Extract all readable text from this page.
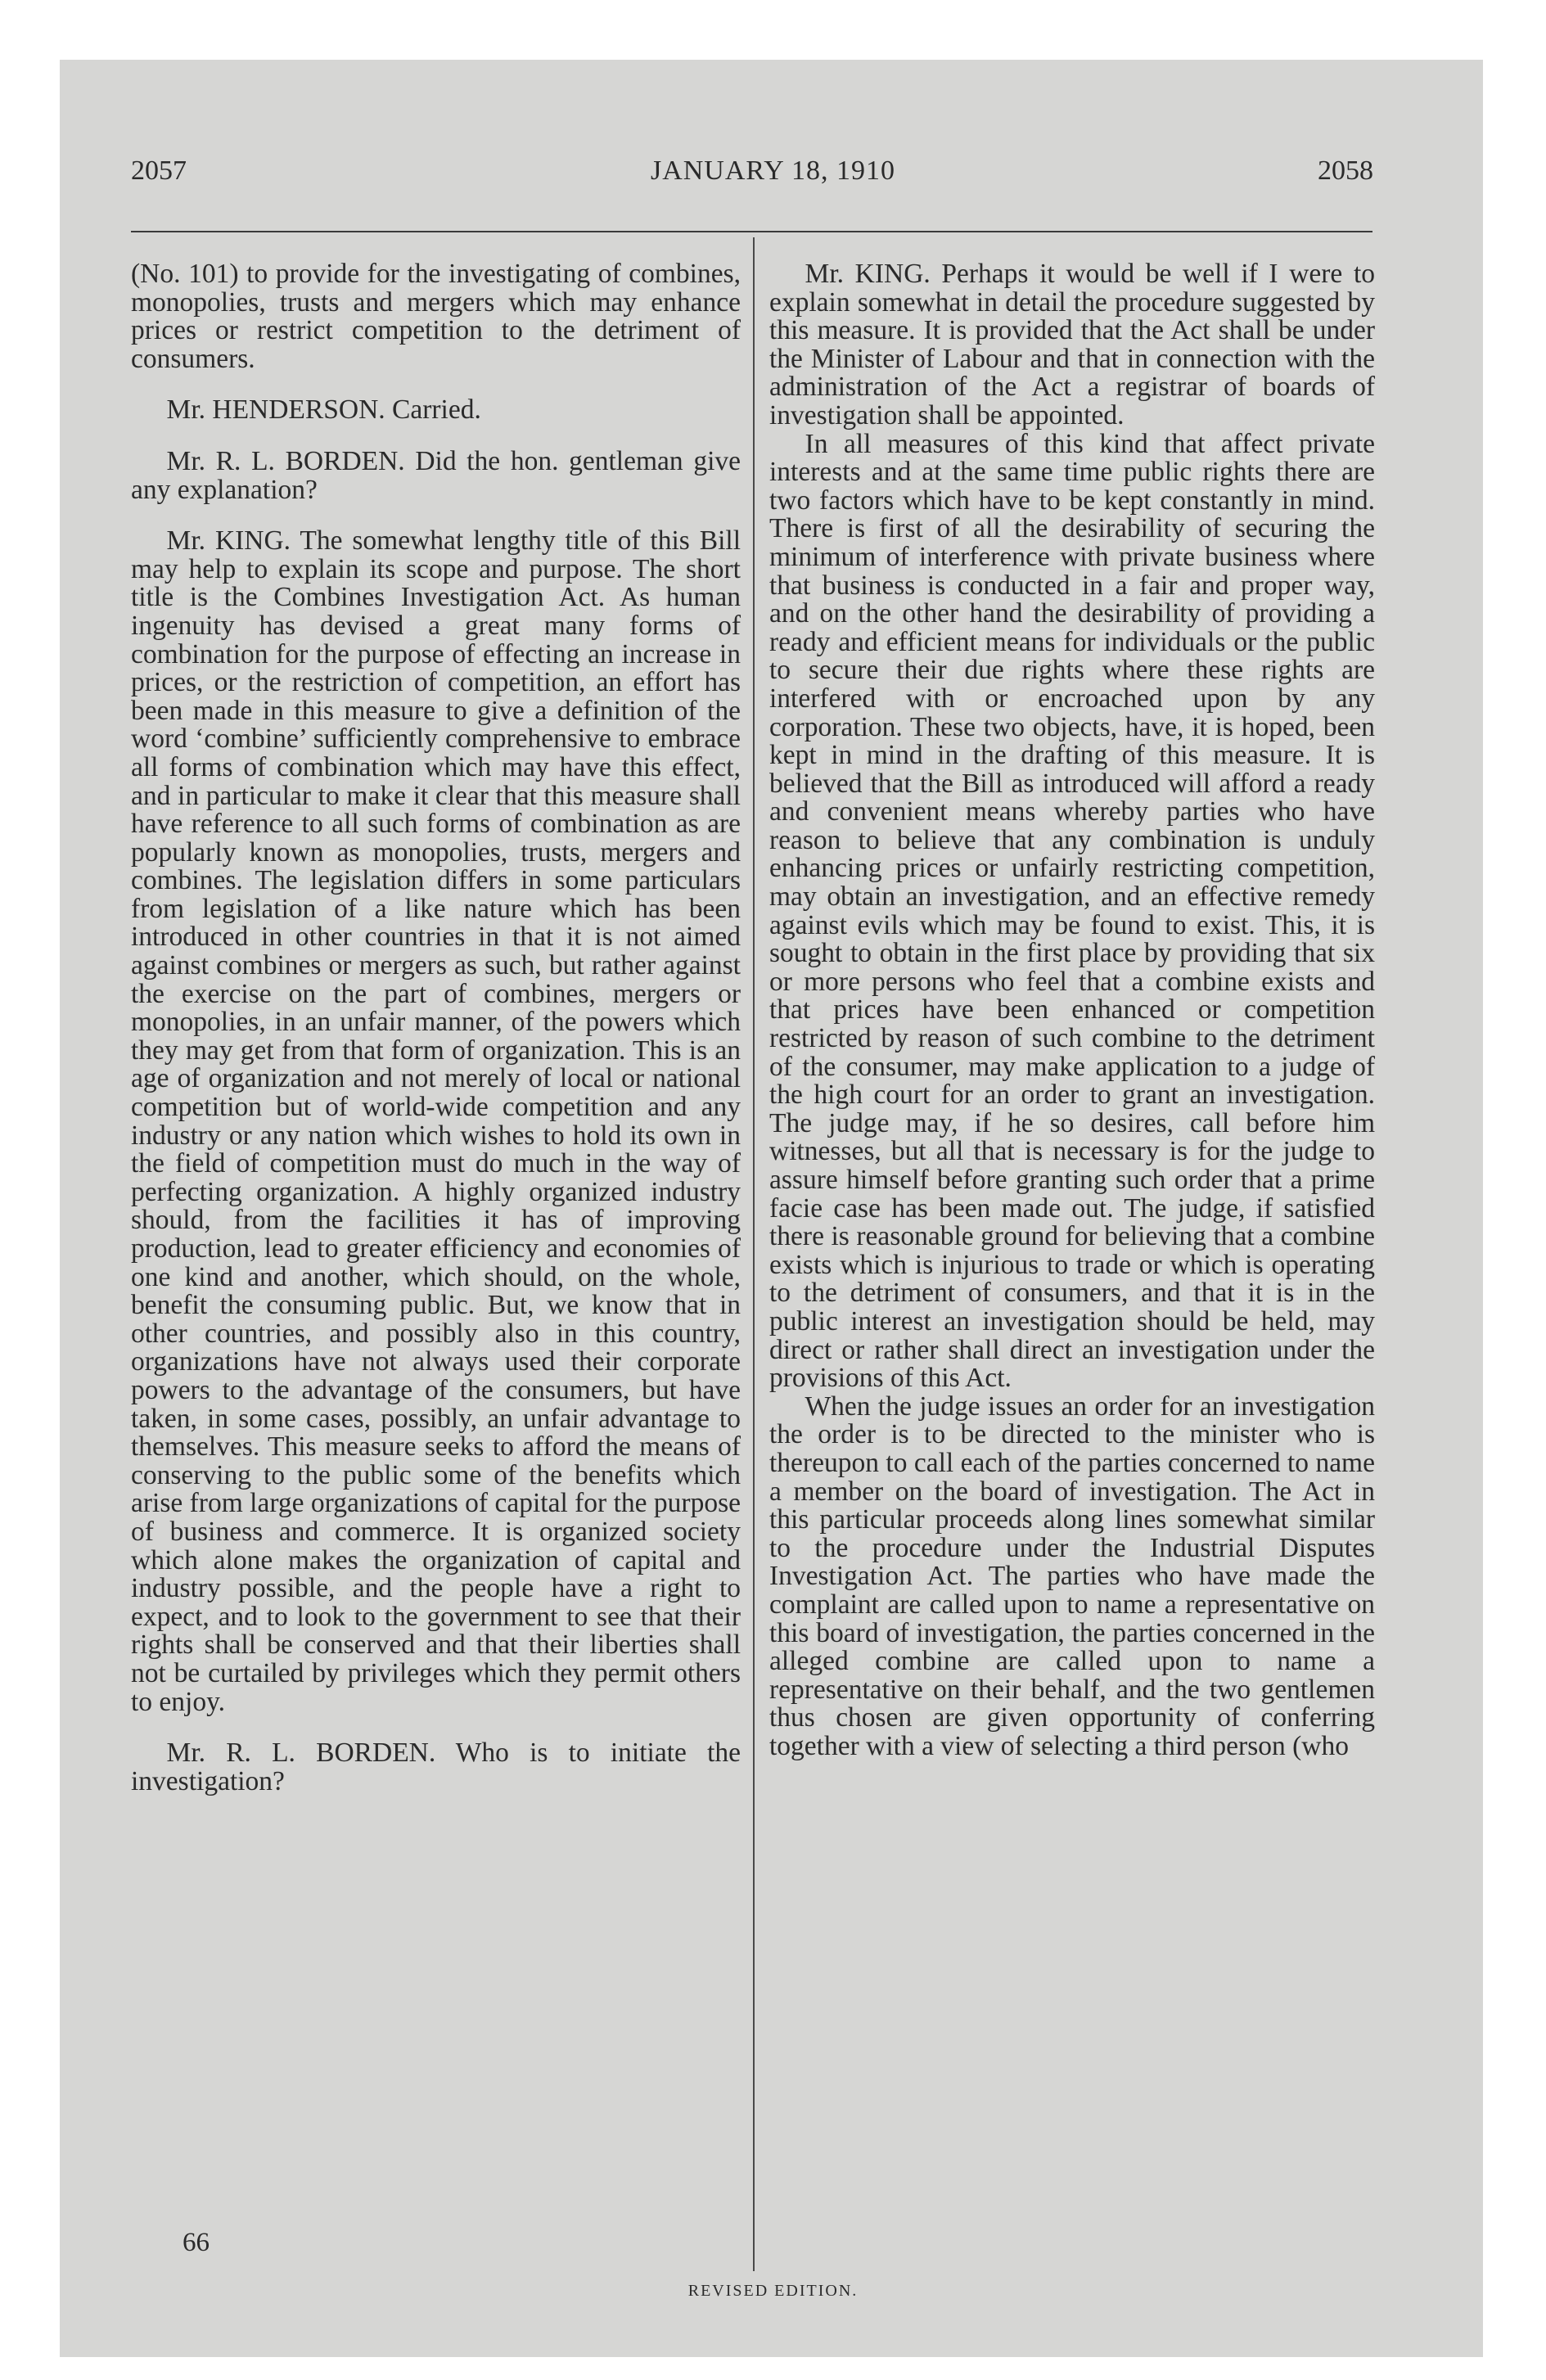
2057	JANUARY 18, 1910	2058

(No. 101) to provide for the investigating of combines, monopolies, trusts and mergers which may enhance prices or restrict competition to the detriment of consumers.

Mr. HENDERSON. Carried.

Mr. R. L. BORDEN. Did the hon. gentleman give any explanation?

Mr. KING. The somewhat lengthy title of this Bill may help to explain its scope and purpose. The short title is the Combines Investigation Act. As human ingenuity has devised a great many forms of combination for the purpose of effecting an increase in prices, or the restriction of competition, an effort has been made in this measure to give a definition of the word ‘combine’ sufficiently comprehensive to embrace all forms of combination which may have this effect, and in particular to make it clear that this measure shall have reference to all such forms of combination as are popularly known as monopolies, trusts, mergers and combines. The legislation differs in some particulars from legislation of a like nature which has been introduced in other countries in that it is not aimed against combines or mergers as such, but rather against the exercise on the part of combines, mergers or monopolies, in an unfair manner, of the powers which they may get from that form of organization. This is an age of organization and not merely of local or national competition but of world-wide competition and any industry or any nation which wishes to hold its own in the field of competition must do much in the way of perfecting organization. A highly organized industry should, from the facilities it has of improving production, lead to greater efficiency and economies of one kind and another, which should, on the whole, benefit the consuming public. But, we know that in other countries, and possibly also in this country, organizations have not always used their corporate powers to the advantage of the consumers, but have taken, in some cases, possibly, an unfair advantage to themselves. This measure seeks to afford the means of conserving to the public some of the benefits which arise from large organizations of capital for the purpose of business and commerce. It is organized society which alone makes the organization of capital and industry possible, and the people have a right to expect, and to look to the government to see that their rights shall be conserved and that their liberties shall not be curtailed by privileges which they permit others to enjoy.

Mr. R. L. BORDEN. Who is to initiate the investigation?

Mr. KING. Perhaps it would be well if I were to explain somewhat in detail the procedure suggested by this measure. It is provided that the Act shall be under the Minister of Labour and that in connection with the administration of the Act a registrar of boards of investigation shall be appointed.

In all measures of this kind that affect private interests and at the same time public rights there are two factors which have to be kept constantly in mind. There is first of all the desirability of securing the minimum of interference with private business where that business is conducted in a fair and proper way, and on the other hand the desirability of providing a ready and efficient means for individuals or the public to secure their due rights where these rights are interfered with or encroached upon by any corporation. These two objects, have, it is hoped, been kept in mind in the drafting of this measure. It is believed that the Bill as introduced will afford a ready and convenient means whereby parties who have reason to believe that any combination is unduly enhancing prices or unfairly restricting competition, may obtain an investigation, and an effective remedy against evils which may be found to exist. This, it is sought to obtain in the first place by providing that six or more persons who feel that a combine exists and that prices have been enhanced or competition restricted by reason of such combine to the detriment of the consumer, may make application to a judge of the high court for an order to grant an investigation. The judge may, if he so desires, call before him witnesses, but all that is necessary is for the judge to assure himself before granting such order that a prime facie case has been made out. The judge, if satisfied there is reasonable ground for believing that a combine exists which is injurious to trade or which is operating to the detriment of consumers, and that it is in the public interest an investigation should be held, may direct or rather shall direct an investigation under the provisions of this Act.

When the judge issues an order for an investigation the order is to be directed to the minister who is thereupon to call each of the parties concerned to name a member on the board of investigation. The Act in this particular proceeds along lines somewhat similar to the procedure under the Industrial Disputes Investigation Act. The parties who have made the complaint are called upon to name a representative on this board of investigation, the parties concerned in the alleged combine are called upon to name a representative on their behalf, and the two gentlemen thus chosen are given opportunity of conferring together with a view of selecting a third person (who

66
REVISED EDITION.
